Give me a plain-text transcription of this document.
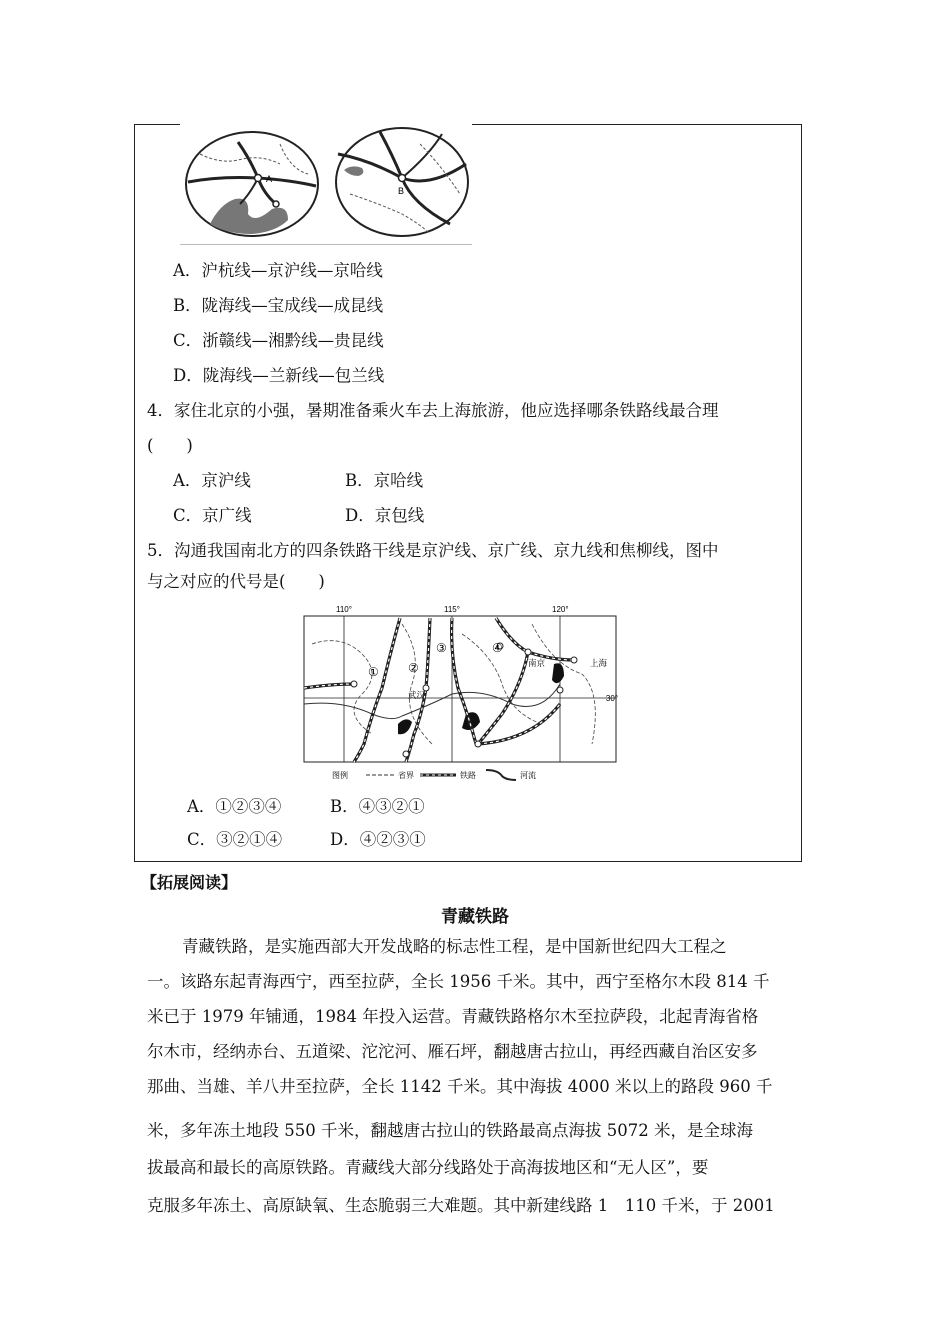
A
B
A．沪杭线—京沪线—京哈线
B．陇海线—宝成线—成昆线
C．浙赣线—湘黔线—贵昆线
D．陇海线—兰新线—包兰线
4．家住北京的小强，暑期准备乘火车去上海旅游，他应选择哪条铁路线最合理
(　　)
A．京沪线	B．京哈线
C．京广线	D．京包线
5．沟通我国南北方的四条铁路干线是京沪线、京广线、京九线和焦柳线，图中
与之对应的代号是(　　)
110°	115°	120°
30°
① ②
③	④
武汉
南京	上海
图例	省界	铁路	河流
A．①②③④	B．④③②①
C．③②①④	D．④②③①
【拓展阅读】
青藏铁路
青藏铁路，是实施西部大开发战略的标志性工程，是中国新世纪四大工程之
一。该路东起青海西宁，西至拉萨，全长 1956 千米。其中，西宁至格尔木段 814 千
米已于 1979 年铺通，1984 年投入运营。青藏铁路格尔木至拉萨段，北起青海省格
尔木市，经纳赤台、五道梁、沱沱河、雁石坪，翻越唐古拉山，再经西藏自治区安多
那曲、当雄、羊八井至拉萨，全长 1142 千米。其中海拔 4000 米以上的路段 960 千
米，多年冻土地段 550 千米，翻越唐古拉山的铁路最高点海拔 5072 米，是全球海
拔最高和最长的高原铁路。青藏线大部分线路处于高海拔地区和“无人区”，要
克服多年冻土、高原缺氧、生态脆弱三大难题。其中新建线路 1　110 千米，于 2001
